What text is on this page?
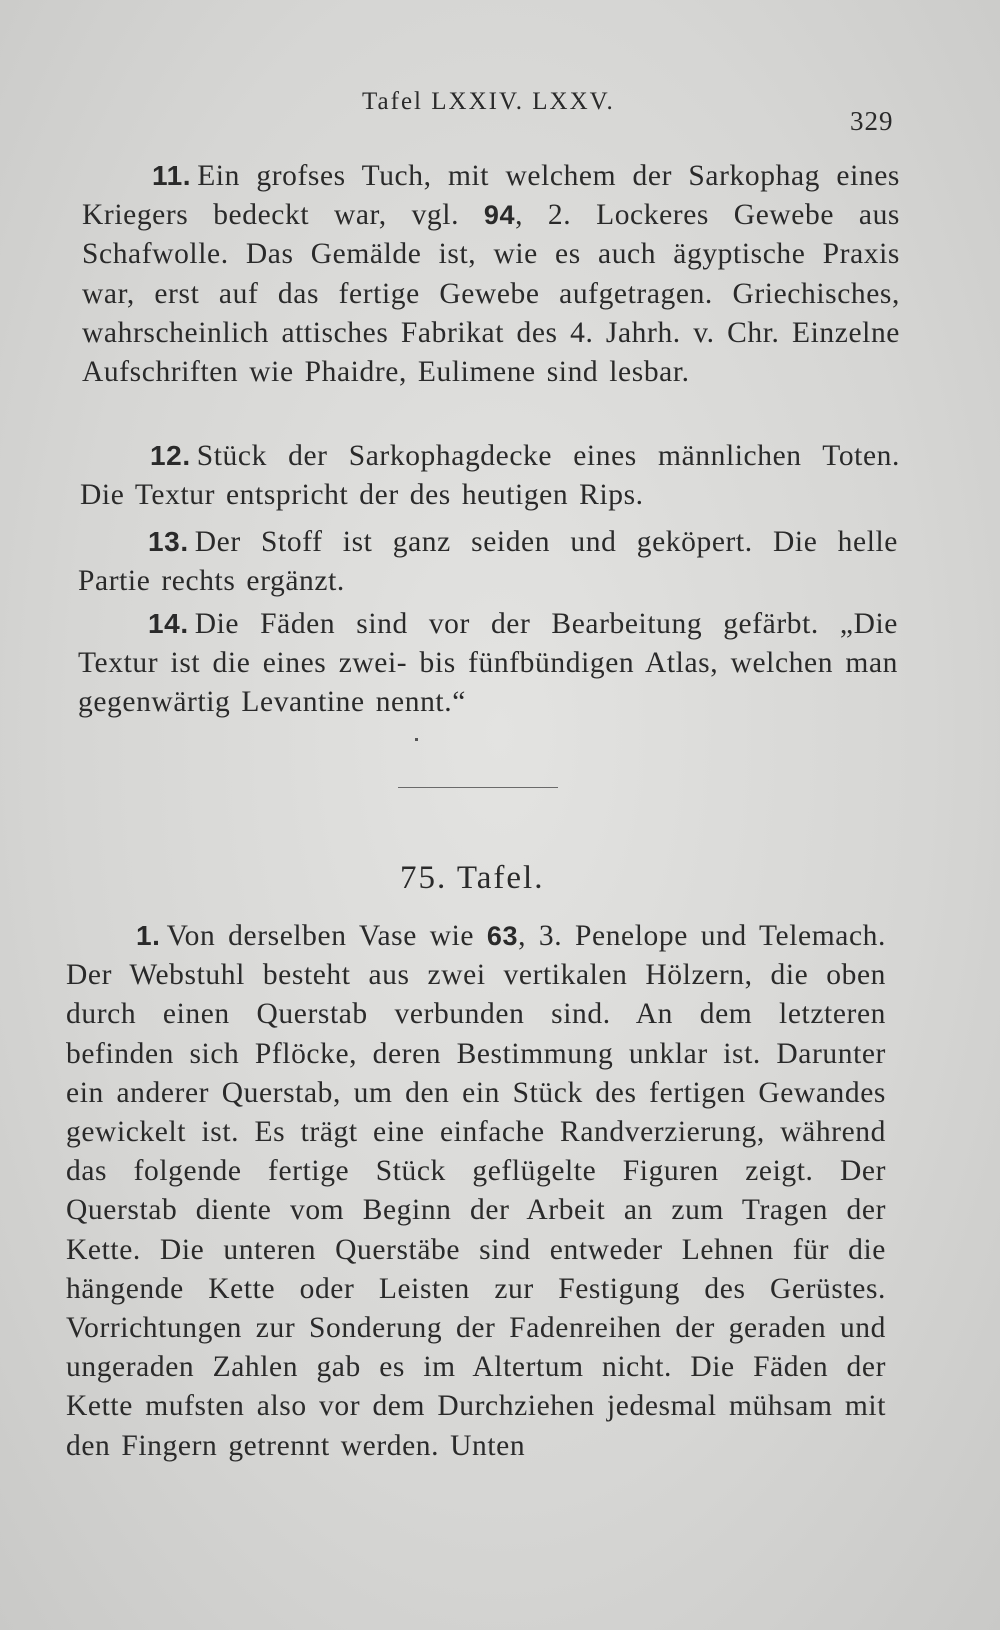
Tafel LXXIV. LXXV.
329

11. Ein grofses Tuch, mit welchem der Sarkophag eines Kriegers bedeckt war, vgl. 94, 2. Lockeres Gewebe aus Schafwolle. Das Gemälde ist, wie es auch ägyptische Praxis war, erst auf das fertige Gewebe aufgetragen. Griechisches, wahrscheinlich attisches Fabrikat des 4. Jahrh. v. Chr. Einzelne Aufschriften wie Phaidre, Eulimene sind lesbar.

12. Stück der Sarkophagdecke eines männlichen Toten. Die Textur entspricht der des heutigen Rips.

13. Der Stoff ist ganz seiden und geköpert. Die helle Partie rechts ergänzt.

14. Die Fäden sind vor der Bearbeitung gefärbt. „Die Textur ist die eines zwei- bis fünfbündigen Atlas, welchen man gegenwärtig Levantine nennt.“

75. Tafel.

1. Von derselben Vase wie 63, 3. Penelope und Telemach. Der Webstuhl besteht aus zwei vertikalen Hölzern, die oben durch einen Querstab verbunden sind. An dem letzteren befinden sich Pflöcke, deren Bestimmung unklar ist. Darunter ein anderer Querstab, um den ein Stück des fertigen Gewandes gewickelt ist. Es trägt eine einfache Randverzierung, während das folgende fertige Stück geflügelte Figuren zeigt. Der Querstab diente vom Beginn der Arbeit an zum Tragen der Kette. Die unteren Querstäbe sind entweder Lehnen für die hängende Kette oder Leisten zur Festigung des Gerüstes. Vorrichtungen zur Sonderung der Fadenreihen der geraden und ungeraden Zahlen gab es im Altertum nicht. Die Fäden der Kette mufsten also vor dem Durchziehen jedesmal mühsam mit den Fingern getrennt werden. Unten
